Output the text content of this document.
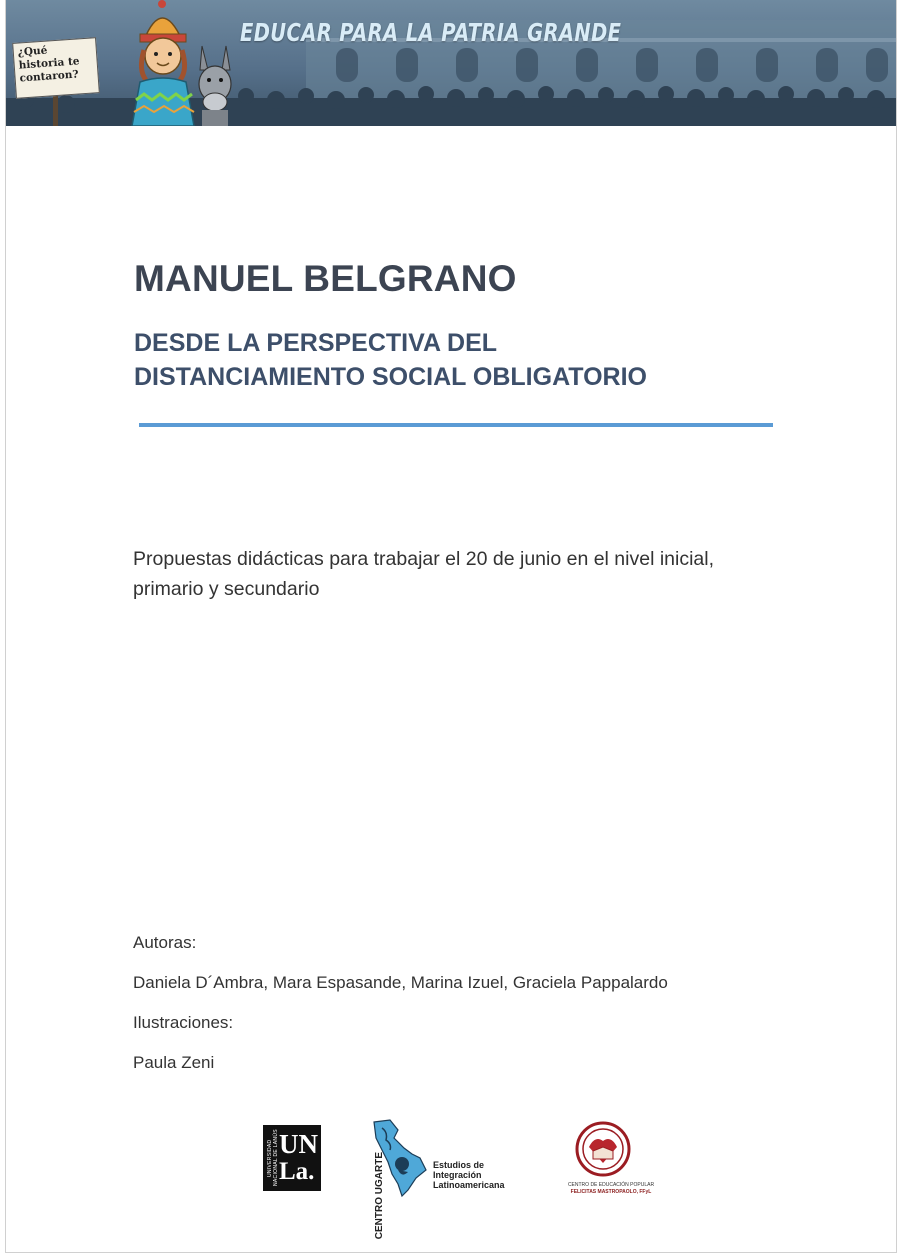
EDUCAR PARA LA PATRIA GRANDE
¿Qué
historia te
contaron?
MANUEL BELGRANO
DESDE LA PERSPECTIVA DEL
DISTANCIAMIENTO SOCIAL OBLIGATORIO

Propuestas didácticas para trabajar el 20 de junio en el nivel inicial, primario y secundario

Autoras:
Daniela D´Ambra, Mara Espasande, Marina Izuel, Graciela Pappalardo
Ilustraciones:
Paula Zeni
UNIVERSIDAD NACIONAL DE LANÚS UN
La.	CENTRO UGARTE	Estudios de
Integración
Latinoamericana	CENTRO DE EDUCACIÓN POPULAR
FELICITAS MASTROPAOLO, FFyL
